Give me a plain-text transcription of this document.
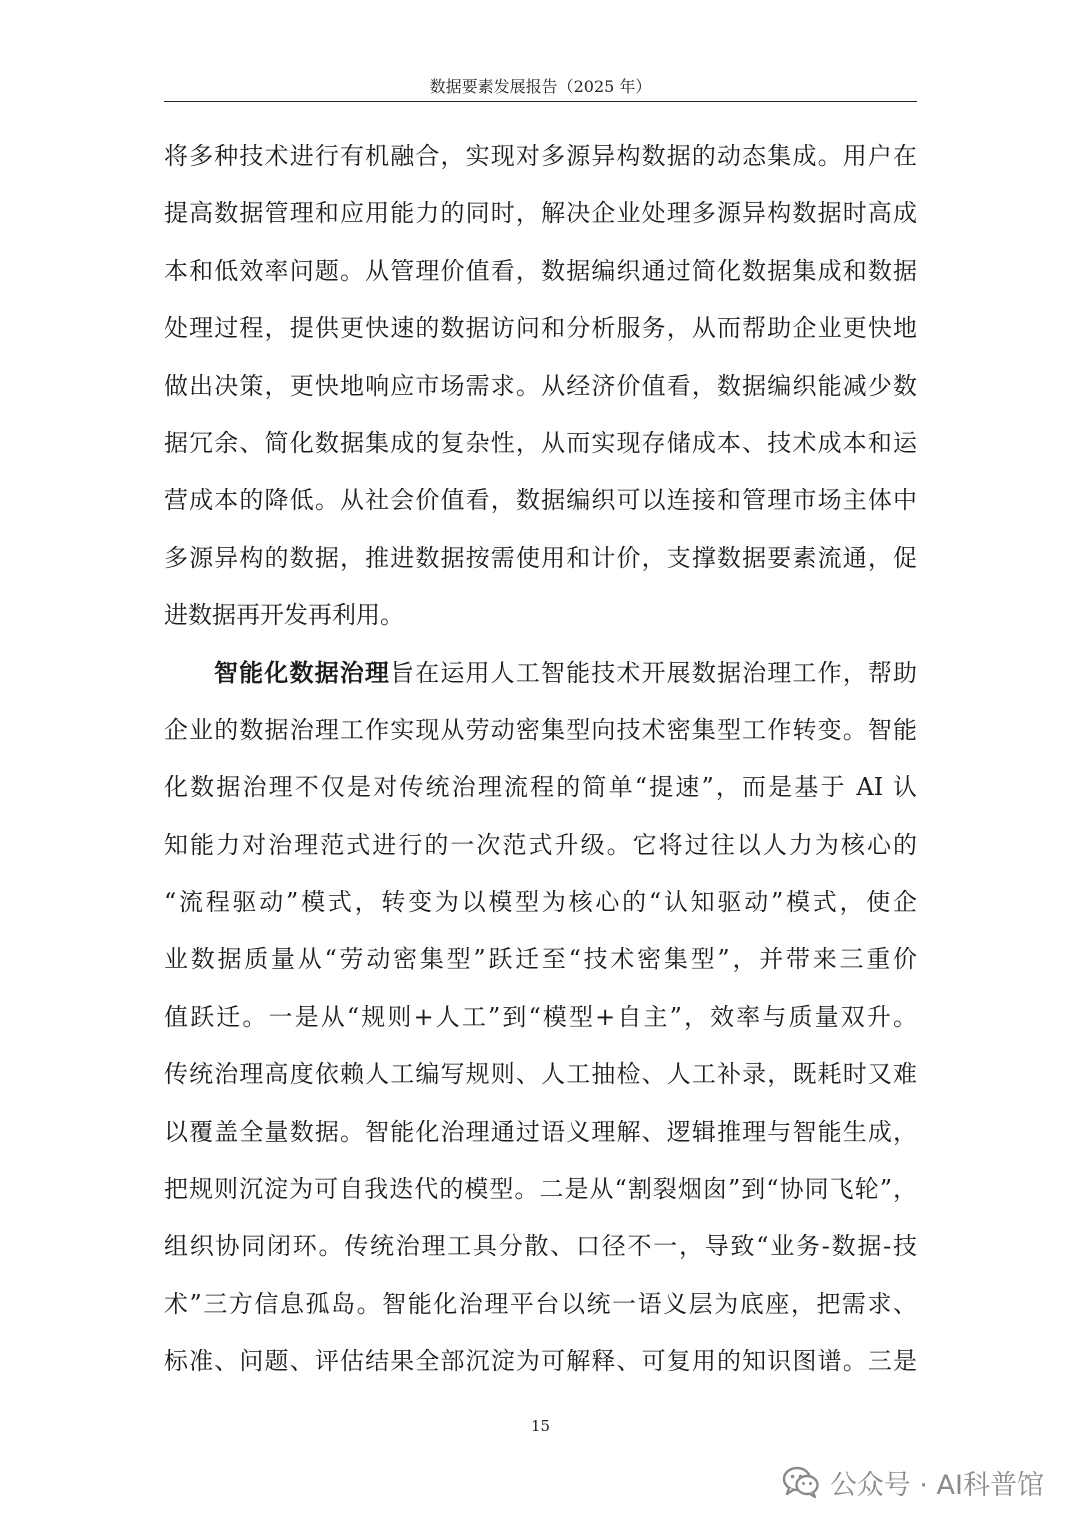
数据要素发展报告（2025 年）
将多种技术进行有机融合，实现对多源异构数据的动态集成。用户在
提高数据管理和应用能力的同时，解决企业处理多源异构数据时高成
本和低效率问题。从管理价值看，数据编织通过简化数据集成和数据
处理过程，提供更快速的数据访问和分析服务，从而帮助企业更快地
做出决策，更快地响应市场需求。从经济价值看，数据编织能减少数
据冗余、简化数据集成的复杂性，从而实现存储成本、技术成本和运
营成本的降低。从社会价值看，数据编织可以连接和管理市场主体中
多源异构的数据，推进数据按需使用和计价，支撑数据要素流通，促
进数据再开发再利用。
智能化数据治理旨在运用人工智能技术开展数据治理工作，帮助
企业的数据治理工作实现从劳动密集型向技术密集型工作转变。智能
化数据治理不仅是对传统治理流程的简单“提速”，而是基于 AI 认
知能力对治理范式进行的一次范式升级。它将过往以人力为核心的
“流程驱动”模式，转变为以模型为核心的“认知驱动”模式，使企
业数据质量从“劳动密集型”跃迁至“技术密集型”，并带来三重价
值跃迁。一是从“规则+人工”到“模型+自主”，效率与质量双升。
传统治理高度依赖人工编写规则、人工抽检、人工补录，既耗时又难
以覆盖全量数据。智能化治理通过语义理解、逻辑推理与智能生成，
把规则沉淀为可自我迭代的模型。二是从“割裂烟囱”到“协同飞轮”，
组织协同闭环。传统治理工具分散、口径不一，导致“业务-数据-技
术”三方信息孤岛。智能化治理平台以统一语义层为底座，把需求、
标准、问题、评估结果全部沉淀为可解释、可复用的知识图谱。三是
15
公众号 · AI科普馆
